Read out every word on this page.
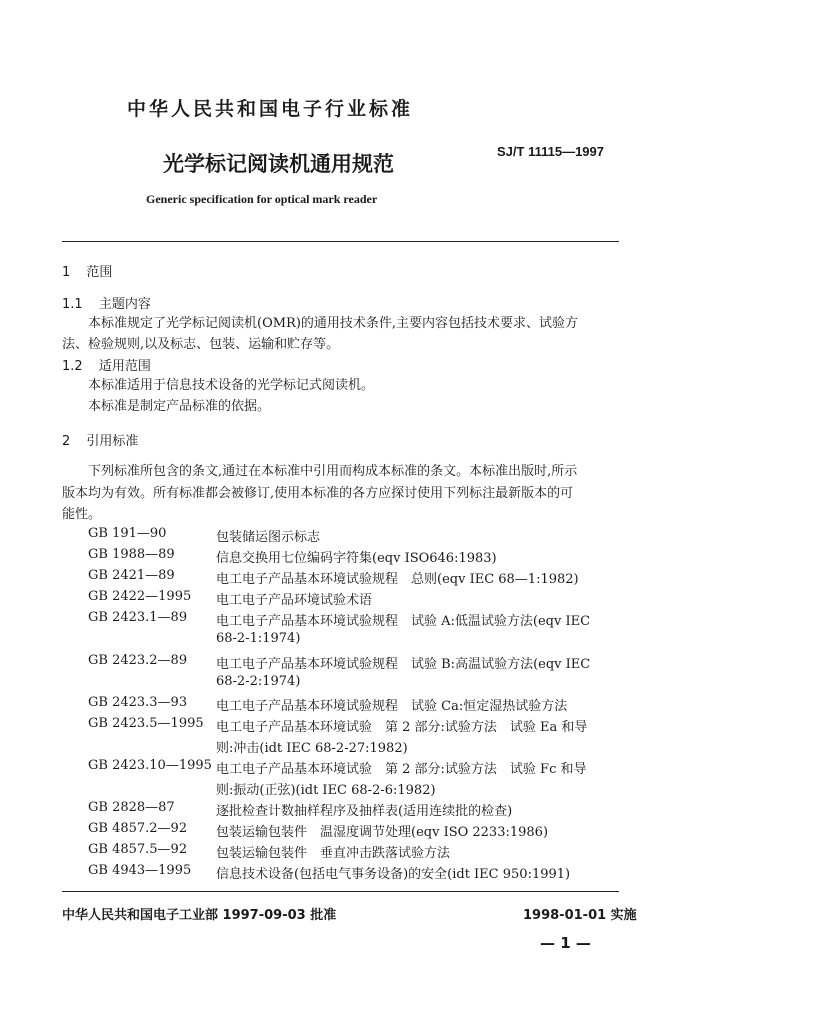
中华人民共和国电子行业标准
光学标记阅读机通用规范
SJ/T 11115—1997
Generic specification for optical mark reader
1 范围
1.1 主题内容
本标准规定了光学标记阅读机(OMR)的通用技术条件,主要内容包括技术要求、试验方
法、检验规则,以及标志、包装、运输和贮存等。
1.2 适用范围
本标准适用于信息技术设备的光学标记式阅读机。
本标准是制定产品标准的依据。
2 引用标准
下列标准所包含的条文,通过在本标准中引用而构成本标准的条文。本标准出版时,所示
版本均为有效。所有标准都会被修订,使用本标准的各方应探讨使用下列标注最新版本的可
能性。
GB 191—90	包装储运图示标志
GB 1988—89	信息交换用七位编码字符集(eqv ISO646:1983)
GB 2421—89	电工电子产品基本环境试验规程　总则(eqv IEC 68—1:1982)
GB 2422—1995 电工电子产品环境试验术语
GB 2423.1—89 电工电子产品基本环境试验规程　试验 A:低温试验方法(eqv IEC
68-2-1:1974)
GB 2423.2—89 电工电子产品基本环境试验规程　试验 B:高温试验方法(eqv IEC
68-2-2:1974)
GB 2423.3—93 电工电子产品基本环境试验规程　试验 Ca:恒定湿热试验方法
GB 2423.5—1995 电工电子产品基本环境试验　第 2 部分:试验方法　试验 Ea 和导
则:冲击(idt IEC 68-2-27:1982)
GB 2423.10—1995 电工电子产品基本环境试验　第 2 部分:试验方法　试验 Fc 和导
则:振动(正弦)(idt IEC 68-2-6:1982)
GB 2828—87	逐批检查计数抽样程序及抽样表(适用连续批的检查)
GB 4857.2—92 包装运输包装件　温湿度调节处理(eqv ISO 2233:1986)
GB 4857.5—92 包装运输包装件　垂直冲击跌落试验方法
GB 4943—1995 信息技术设备(包括电气事务设备)的安全(idt IEC 950:1991)
中华人民共和国电子工业部 1997-09-03 批准	1998-01-01 实施
— 1 —
